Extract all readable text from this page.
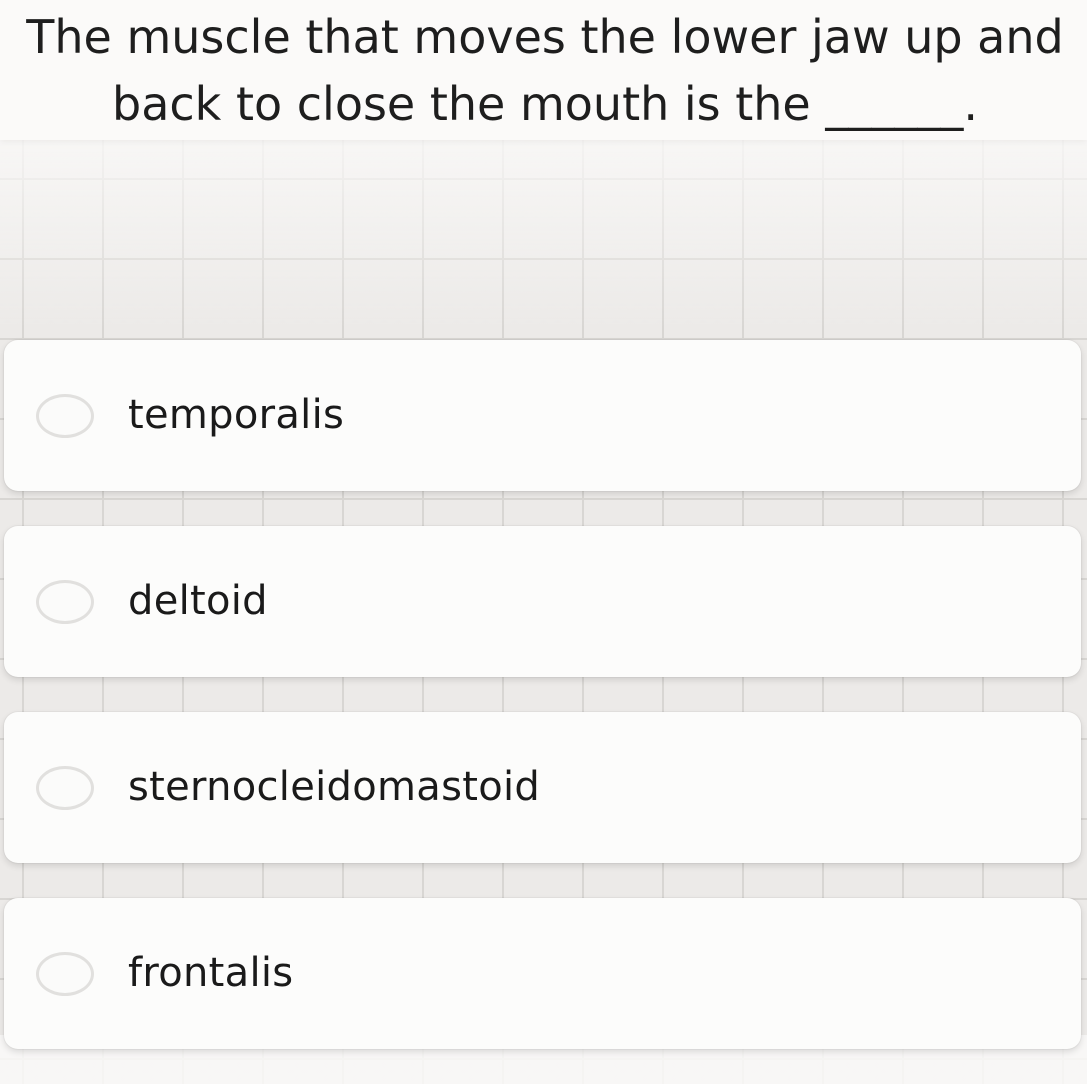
The muscle that moves the lower jaw up and back to close the mouth is the ______.

temporalis
deltoid
sternocleidomastoid
frontalis
